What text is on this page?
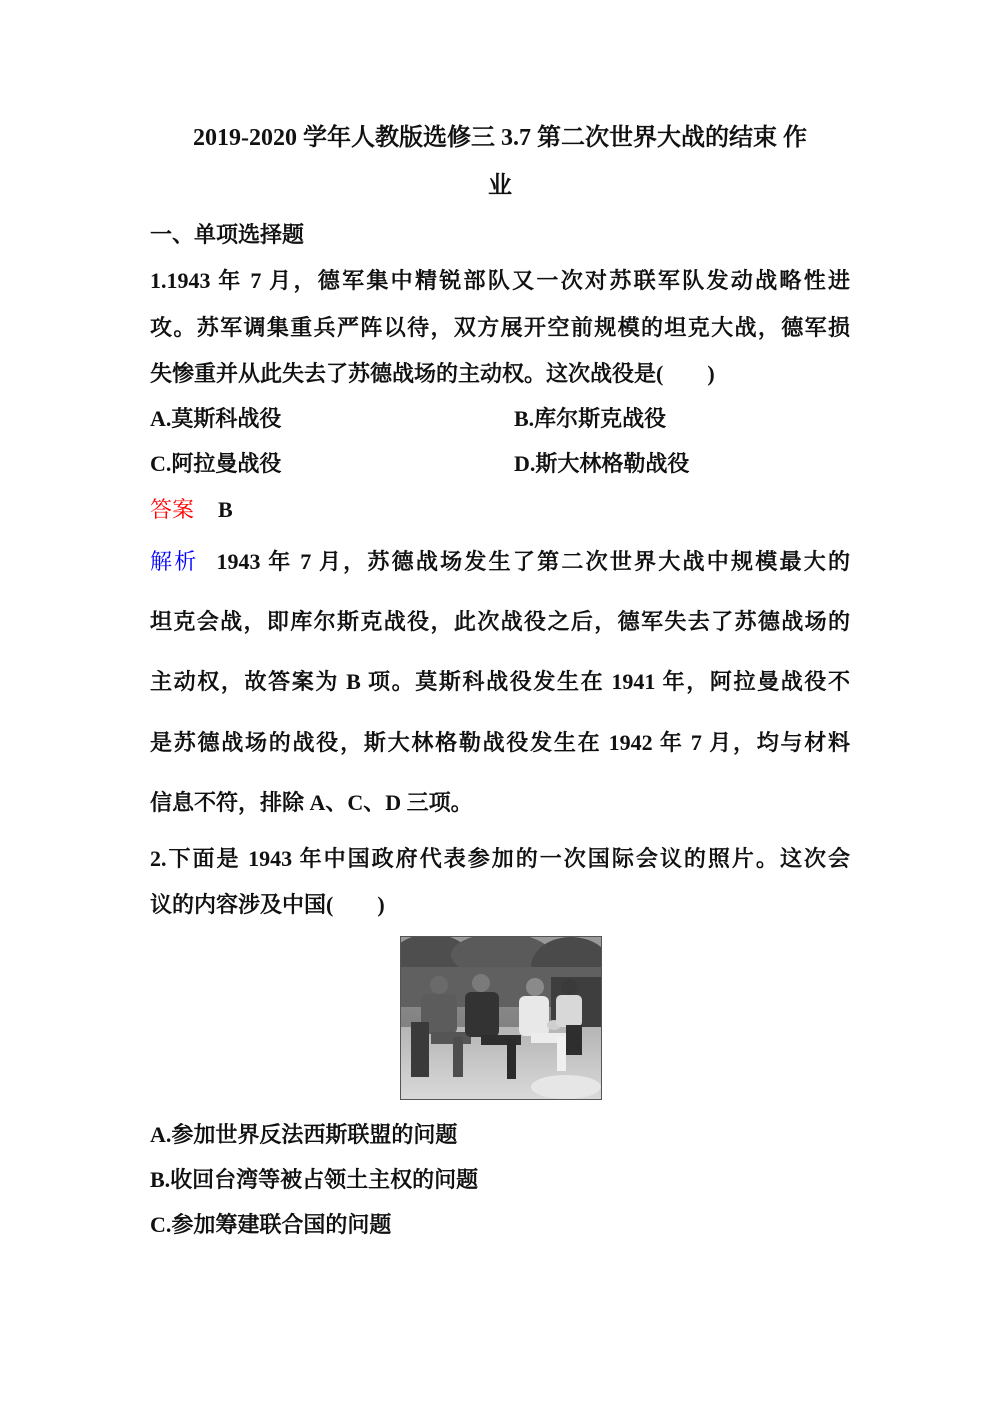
2019-2020 学年人教版选修三 3.7 第二次世界大战的结束 作
业
一、单项选择题
1.1943 年 7 月，德军集中精锐部队又一次对苏联军队发动战略性进
攻。苏军调集重兵严阵以待，双方展开空前规模的坦克大战，德军损
失惨重并从此失去了苏德战场的主动权。这次战役是( )
A.莫斯科战役	B.库尔斯克战役
C.阿拉曼战役	D.斯大林格勒战役
答案 B
解析 1943 年 7 月，苏德战场发生了第二次世界大战中规模最大的
坦克会战，即库尔斯克战役，此次战役之后，德军失去了苏德战场的
主动权，故答案为 B 项。莫斯科战役发生在 1941 年，阿拉曼战役不
是苏德战场的战役，斯大林格勒战役发生在 1942 年 7 月，均与材料
信息不符，排除 A、C、D 三项。
2.下面是 1943 年中国政府代表参加的一次国际会议的照片。这次会
议的内容涉及中国( )
A.参加世界反法西斯联盟的问题
B.收回台湾等被占领土主权的问题
C.参加筹建联合国的问题
